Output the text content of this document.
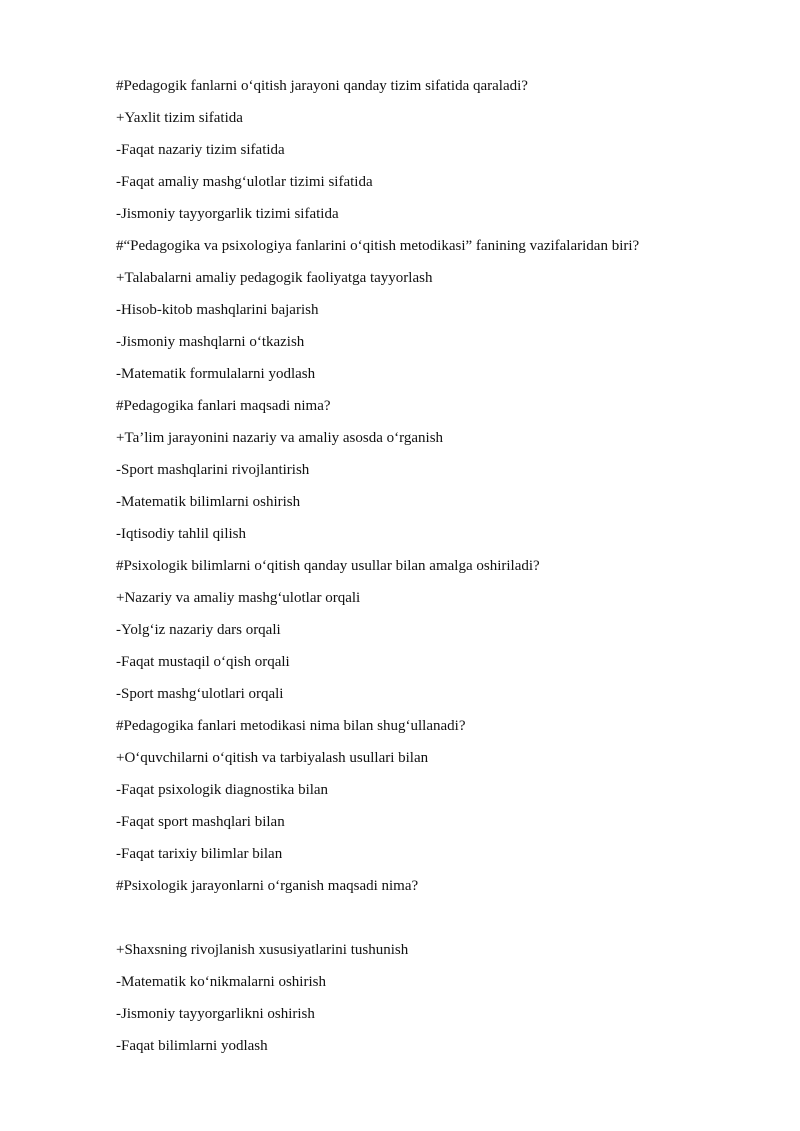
#Pedagogik fanlarni o‘qitish jarayoni qanday tizim sifatida qaraladi?
+Yaxlit tizim sifatida
-Faqat nazariy tizim sifatida
-Faqat amaliy mashg‘ulotlar tizimi sifatida
-Jismoniy tayyorgarlik tizimi sifatida
#“Pedagogika va psixologiya fanlarini o‘qitish metodikasi” fanining vazifalaridan biri?
+Talabalarni amaliy pedagogik faoliyatga tayyorlash
-Hisob-kitob mashqlarini bajarish
-Jismoniy mashqlarni o‘tkazish
-Matematik formulalarni yodlash
#Pedagogika fanlari maqsadi nima?
+Ta’lim jarayonini nazariy va amaliy asosda o‘rganish
-Sport mashqlarini rivojlantirish
-Matematik bilimlarni oshirish
-Iqtisodiy tahlil qilish
#Psixologik bilimlarni o‘qitish qanday usullar bilan amalga oshiriladi?
+Nazariy va amaliy mashg‘ulotlar orqali
-Yolg‘iz nazariy dars orqali
-Faqat mustaqil o‘qish orqali
-Sport mashg‘ulotlari orqali
#Pedagogika fanlari metodikasi nima bilan shug‘ullanadi?
+O‘quvchilarni o‘qitish va tarbiyalash usullari bilan
-Faqat psixologik diagnostika bilan
-Faqat sport mashqlari bilan
-Faqat tarixiy bilimlar bilan
#Psixologik jarayonlarni o‘rganish maqsadi nima?
+Shaxsning rivojlanish xususiyatlarini tushunish
-Matematik ko‘nikmalarni oshirish
-Jismoniy tayyorgarlikni oshirish
-Faqat bilimlarni yodlash
